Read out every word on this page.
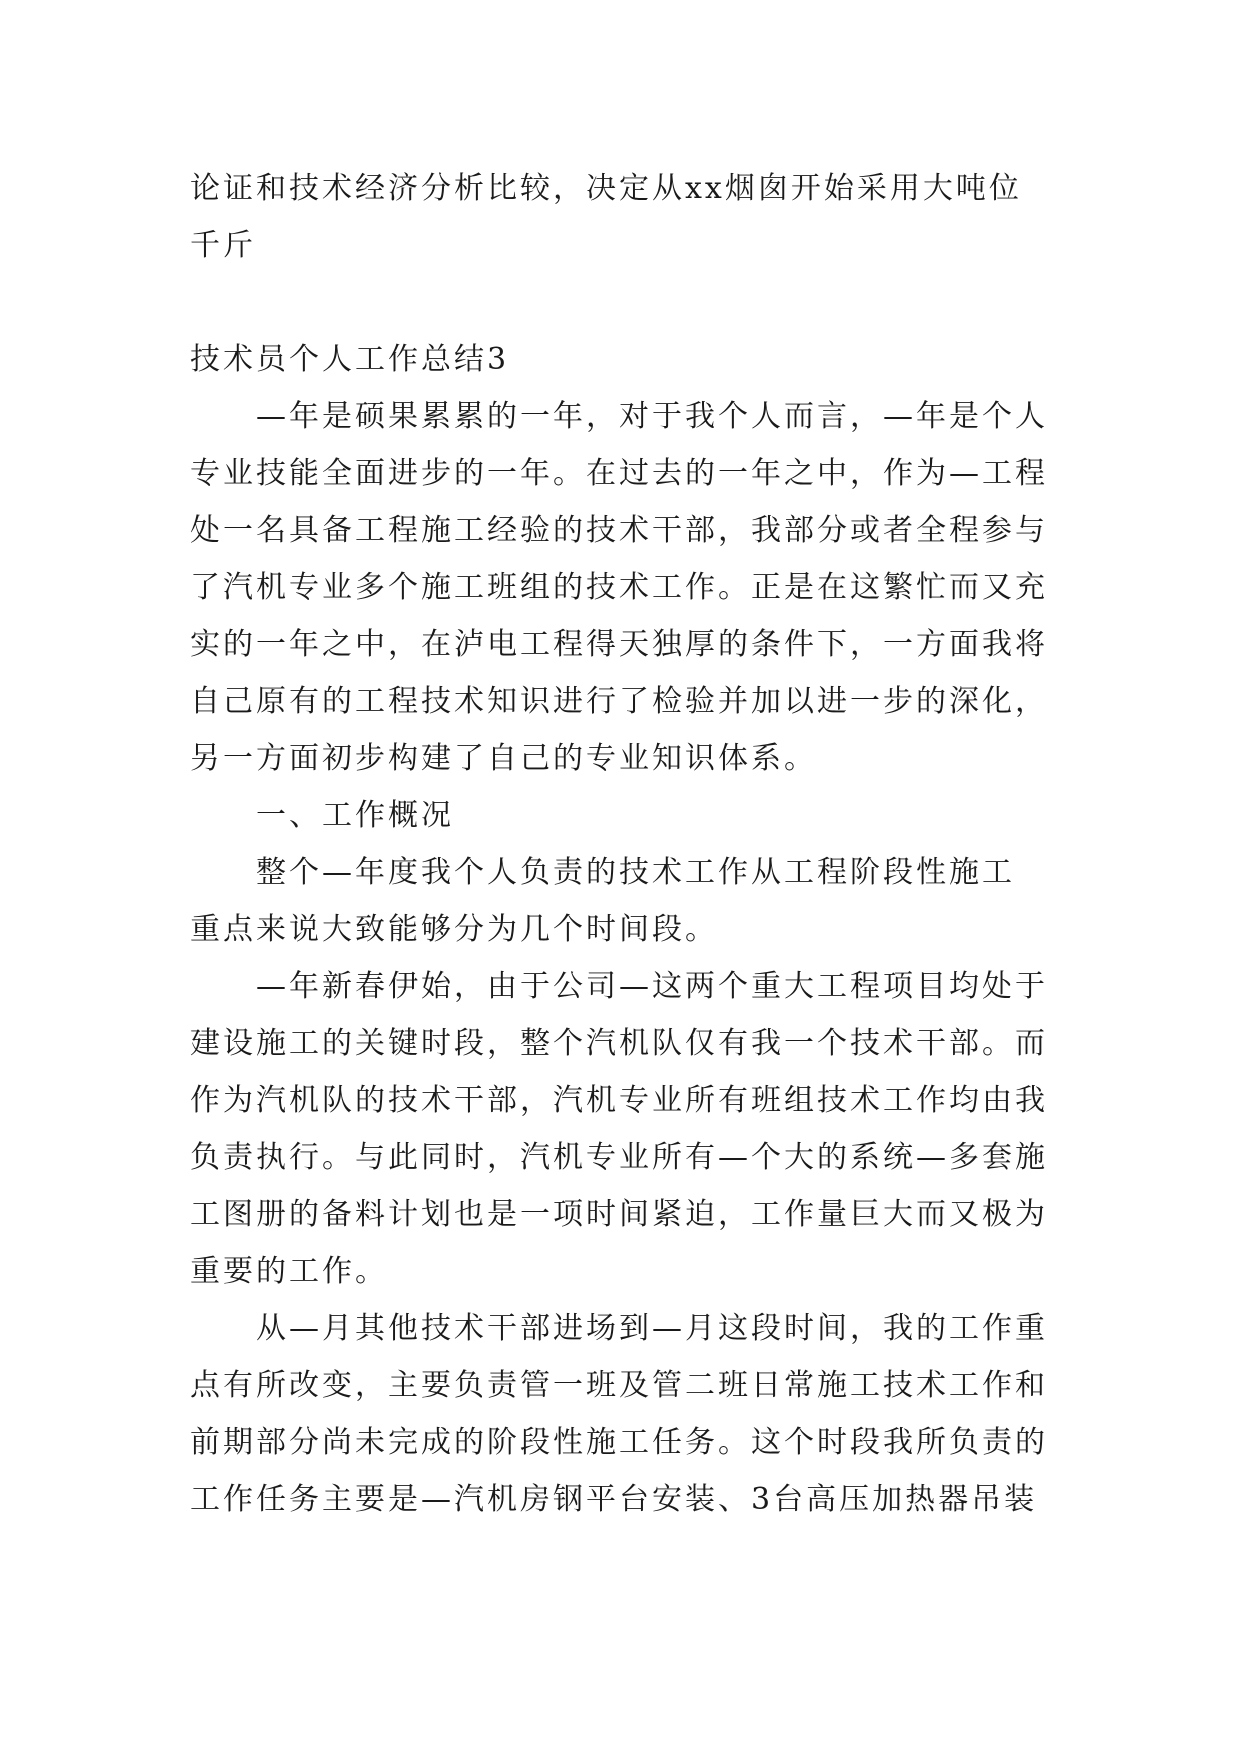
论证和技术经济分析比较，决定从xx烟囱开始采用大吨位

千斤

技术员个人工作总结3

　　—年是硕果累累的一年，对于我个人而言，—年是个人

专业技能全面进步的一年。在过去的一年之中，作为—工程

处一名具备工程施工经验的技术干部，我部分或者全程参与

了汽机专业多个施工班组的技术工作。正是在这繁忙而又充

实的一年之中，在泸电工程得天独厚的条件下，一方面我将

自己原有的工程技术知识进行了检验并加以进一步的深化，

另一方面初步构建了自己的专业知识体系。

　　一、工作概况

　　整个—年度我个人负责的技术工作从工程阶段性施工

重点来说大致能够分为几个时间段。

　　—年新春伊始，由于公司—这两个重大工程项目均处于

建设施工的关键时段，整个汽机队仅有我一个技术干部。而

作为汽机队的技术干部，汽机专业所有班组技术工作均由我

负责执行。与此同时，汽机专业所有—个大的系统—多套施

工图册的备料计划也是一项时间紧迫，工作量巨大而又极为

重要的工作。

　　从—月其他技术干部进场到—月这段时间，我的工作重

点有所改变，主要负责管一班及管二班日常施工技术工作和

前期部分尚未完成的阶段性施工任务。这个时段我所负责的

工作任务主要是—汽机房钢平台安装、3台高压加热器吊装
